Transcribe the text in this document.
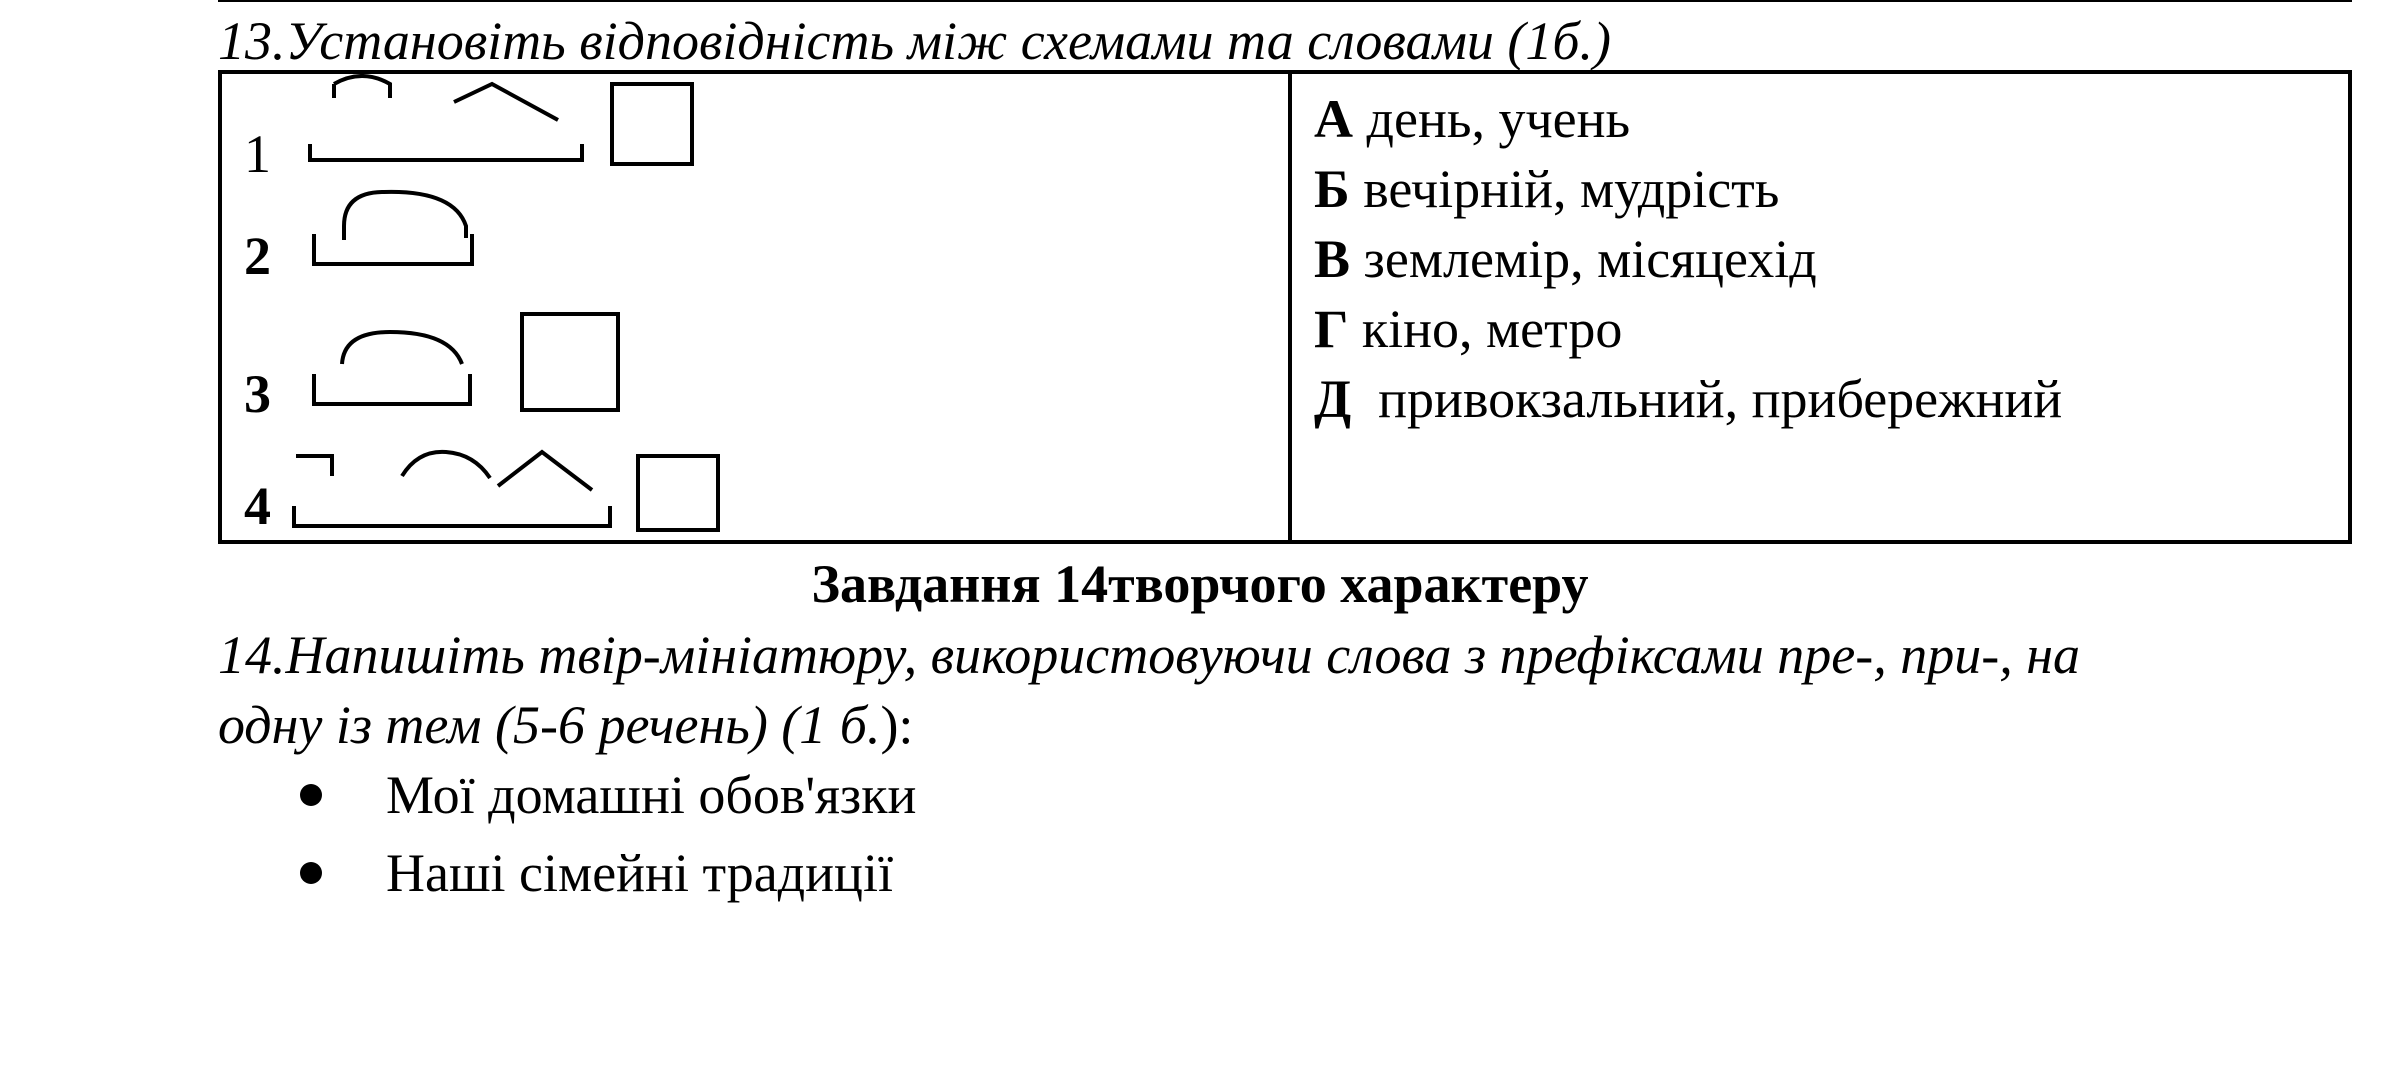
13.Установіть відповідність між схемами та словами (1б.)
1
2
3
4
А день, учень
Б вечірній, мудрість
В землемір, місяцехід
Г кіно, метро
Д  привокзальний, прибережний
Завдання 14творчого характеру
14.Напишіть твір-мініатюру, використовуючи слова з префіксами пре-, при-, на
одну із тем (5-6 речень) (1 б.):
Мої домашні обов'язки
Наші сімейні традиції
